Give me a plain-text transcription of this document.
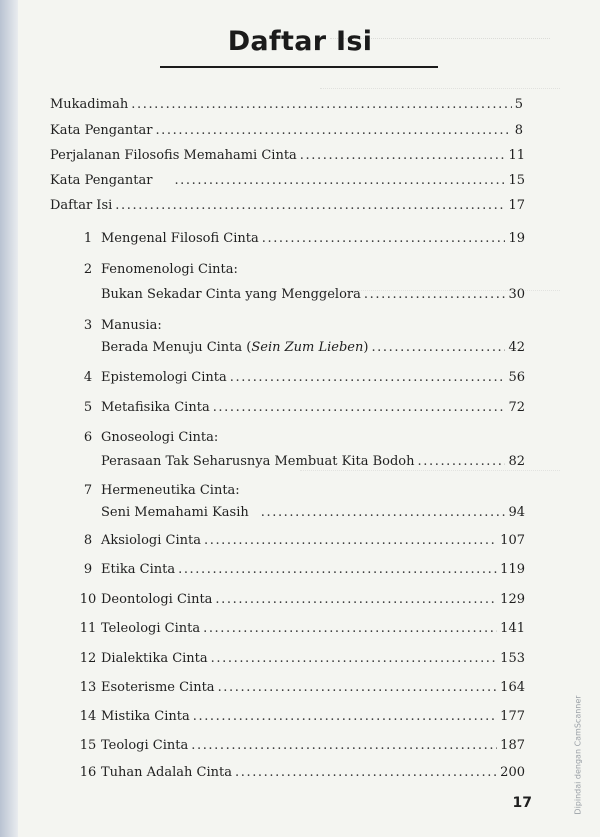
Daftar Isi
Mukadimah .....	5
Kata Pengantar .....	8
Perjalanan Filosofis Memahami Cinta .....	11
Kata Pengantar .....	15
Daftar Isi .....	17
1 Mengenal Filosofi Cinta .....	19
2 Fenomenologi Cinta:
Bukan Sekadar Cinta yang Menggelora .....	30
3 Manusia:
Berada Menuju Cinta (Sein Zum Lieben) .....	42
4 Epistemologi Cinta .....	56
5 Metafisika Cinta .....	72
6 Gnoseologi Cinta:
Perasaan Tak Seharusnya Membuat Kita Bodoh .....	82
7 Hermeneutika Cinta:
Seni Memahami Kasih .....	94
8 Aksiologi Cinta .....	107
9 Etika Cinta .....	119
10 Deontologi Cinta .....	129
11 Teleologi Cinta .....	141
12 Dialektika Cinta .....	153
13 Esoterisme Cinta .....	164
14 Mistika Cinta .....	177
15 Teologi Cinta .....	187
16 Tuhan Adalah Cinta .....	200
17	Dipindai dengan CamScanner
